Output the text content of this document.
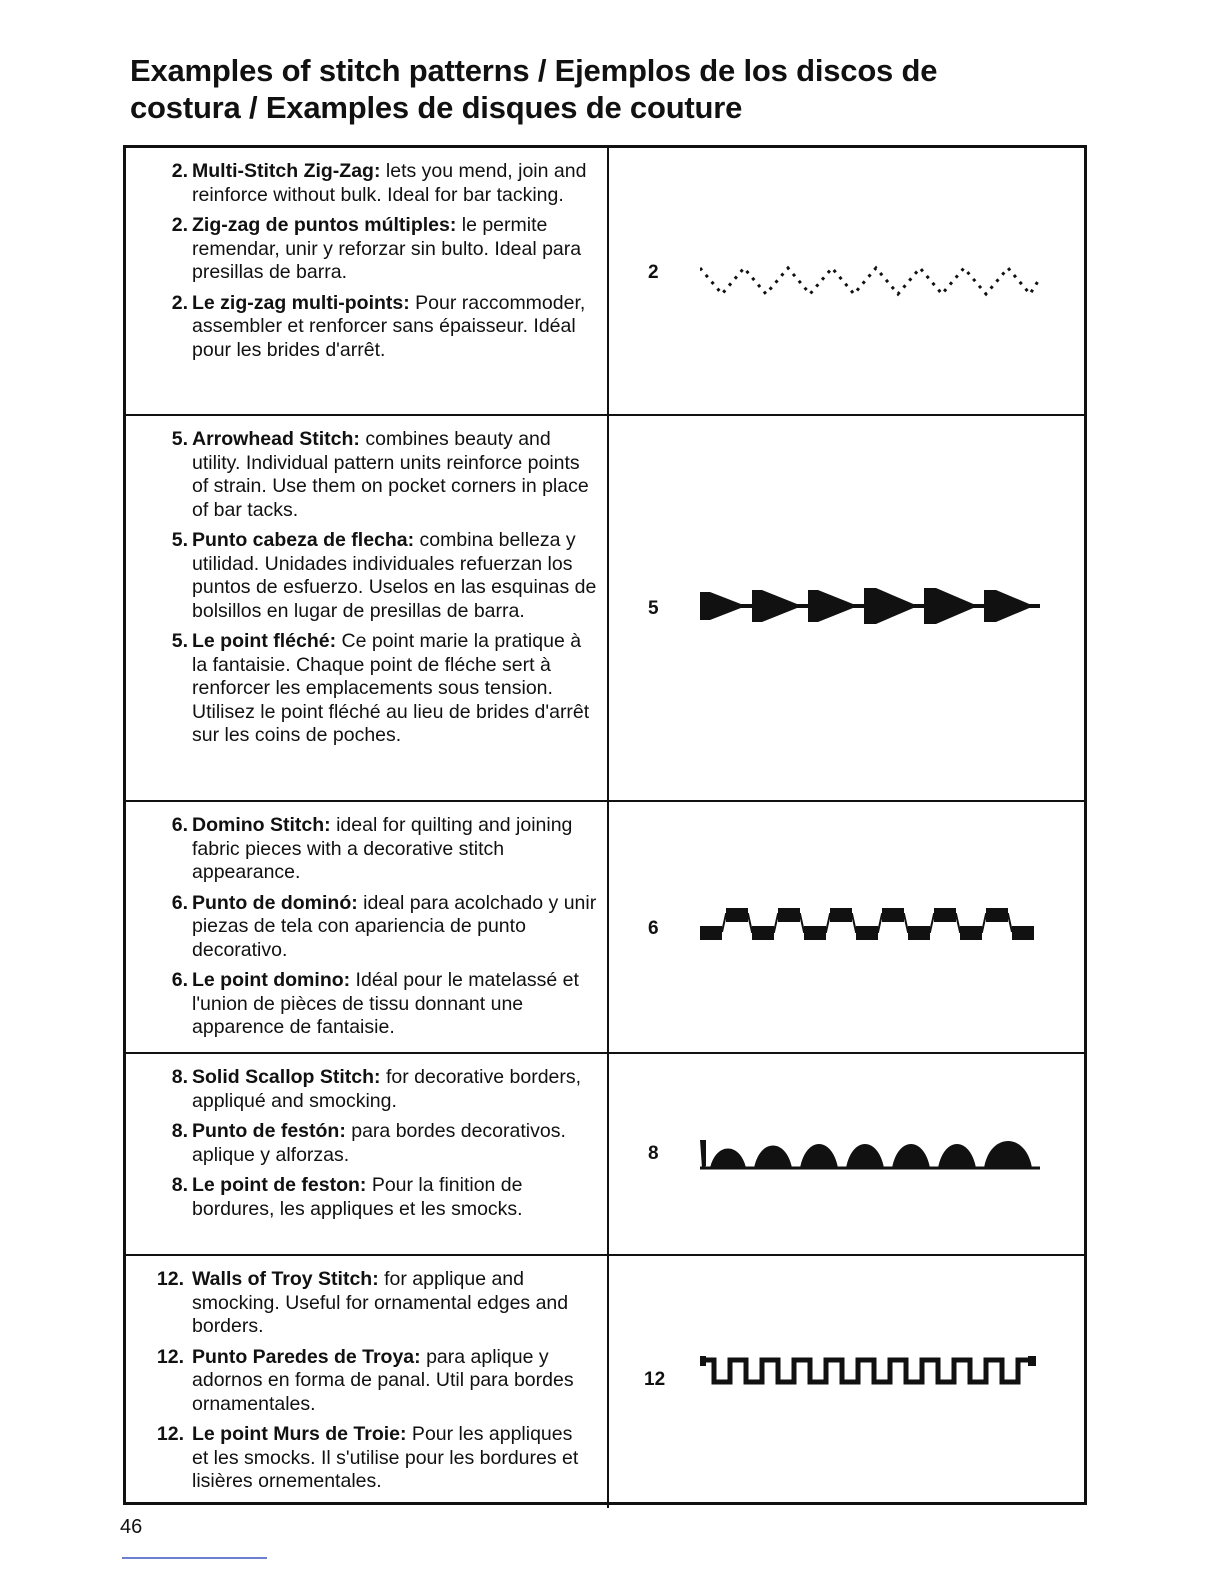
Examples of stitch patterns / Ejemplos de los discos de
costura / Examples de disques de couture
2. Multi-Stitch Zig-Zag: lets you mend, join and reinforce without bulk. Ideal for bar tacking.
2. Zig-zag de puntos múltiples: le permite remendar, unir y reforzar sin bulto. Ideal para presillas de barra.
2. Le zig-zag multi-points: Pour raccommoder, assembler et renforcer sans épaisseur. Idéal pour les brides d'arrêt.
2
5. Arrowhead Stitch: combines beauty and utility. Individual pattern units reinforce points of strain. Use them on pocket corners in place of bar tacks.
5. Punto cabeza de flecha: combina belleza y utilidad. Unidades individuales refuerzan los puntos de esfuerzo. Uselos en las esquinas de bolsillos en lugar de presillas de barra.
5. Le point fléché: Ce point marie la pratique à la fantaisie. Chaque point de fléche sert à renforcer les emplacements sous tension. Utilisez le point fléché au lieu de brides d'arrêt sur les coins de poches.
5
6. Domino Stitch: ideal for quilting and joining fabric pieces with a decorative stitch appearance.
6. Punto de dominó: ideal para acolchado y unir piezas de tela con apariencia de punto decorativo.
6. Le point domino: Idéal pour le matelassé et l'union de pièces de tissu donnant une apparence de fantaisie.
6
8. Solid Scallop Stitch: for decorative borders, appliqué and smocking.
8. Punto de festón: para bordes decorativos. aplique y alforzas.
8. Le point de feston: Pour la finition de bordures, les appliques et les smocks.
8
12. Walls of Troy Stitch: for applique and smocking. Useful for ornamental edges and borders.
12. Punto Paredes de Troya: para aplique y adornos en forma de panal. Util para bordes ornamentales.
12. Le point Murs de Troie: Pour les appliques et les smocks. Il s'utilise pour les bordures et lisières ornementales.
12
46
